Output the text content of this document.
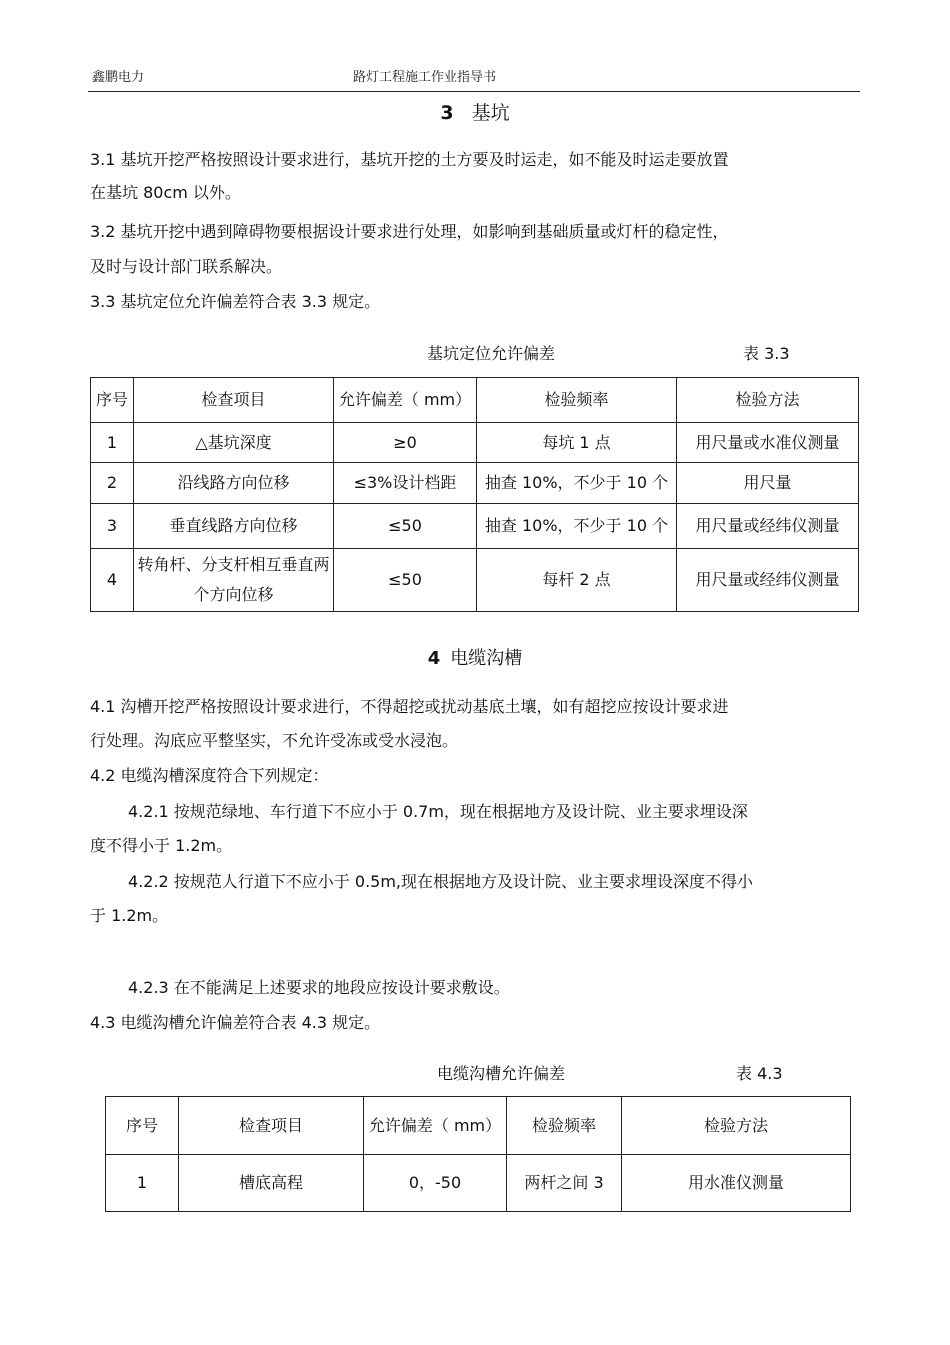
鑫鹏电力	路灯工程施工作业指导书
3 基坑
3.1 基坑开挖严格按照设计要求进行，基坑开挖的土方要及时运走，如不能及时运走要放置
在基坑 80cm 以外。
3.2 基坑开挖中遇到障碍物要根据设计要求进行处理，如影响到基础质量或灯杆的稳定性，
及时与设计部门联系解决。
3.3 基坑定位允许偏差符合表 3.3 规定。
基坑定位允许偏差	表 3.3
序号	检查项目	允许偏差（ mm）	检验频率	检验方法
1	△基坑深度	≥0	每坑 1 点	用尺量或水准仪测量
2	沿线路方向位移	≤3%设计档距	抽查 10%，不少于 10 个	用尺量
3	垂直线路方向位移	≤50	抽查 10%，不少于 10 个	用尺量或经纬仪测量
4	转角杆、分支杆相互垂直两个方向位移	≤50	每杆 2 点	用尺量或经纬仪测量
4 电缆沟槽
4.1 沟槽开挖严格按照设计要求进行，不得超挖或扰动基底土壤，如有超挖应按设计要求进
行处理。沟底应平整坚实，不允许受冻或受水浸泡。
4.2 电缆沟槽深度符合下列规定：
4.2.1 按规范绿地、车行道下不应小于 0.7m，现在根据地方及设计院、业主要求埋设深
度不得小于 1.2m。
4.2.2 按规范人行道下不应小于 0.5m,现在根据地方及设计院、业主要求埋设深度不得小
于 1.2m。
4.2.3 在不能满足上述要求的地段应按设计要求敷设。
4.3 电缆沟槽允许偏差符合表 4.3 规定。
电缆沟槽允许偏差	表 4.3
序号	检查项目	允许偏差（ mm）	检验频率	检验方法
1	槽底高程	0，-50	两杆之间 3	用水准仪测量
